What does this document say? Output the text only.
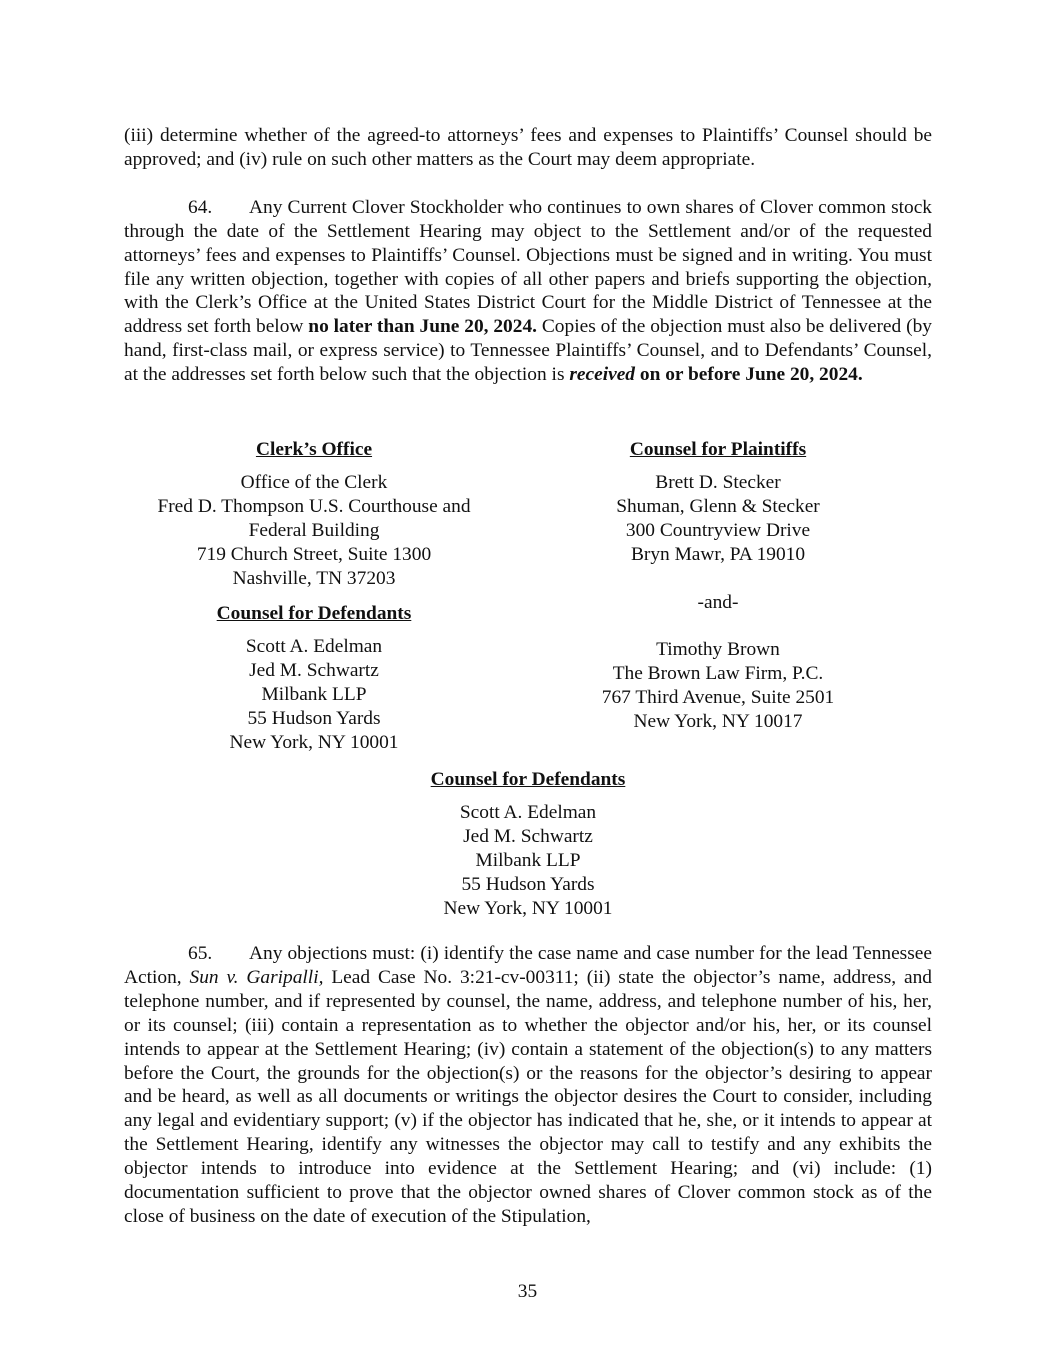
(iii) determine whether of the agreed-to attorneys’ fees and expenses to Plaintiffs’ Counsel should be approved; and (iv) rule on such other matters as the Court may deem appropriate.

64. Any Current Clover Stockholder who continues to own shares of Clover common stock through the date of the Settlement Hearing may object to the Settlement and/or of the requested attorneys’ fees and expenses to Plaintiffs’ Counsel. Objections must be signed and in writing. You must file any written objection, together with copies of all other papers and briefs supporting the objection, with the Clerk’s Office at the United States District Court for the Middle District of Tennessee at the address set forth below no later than June 20, 2024. Copies of the objection must also be delivered (by hand, first-class mail, or express service) to Tennessee Plaintiffs’ Counsel, and to Defendants’ Counsel, at the addresses set forth below such that the objection is received on or before June 20, 2024.

Clerk’s Office

Office of the Clerk

Fred D. Thompson U.S. Courthouse and

Federal Building

719 Church Street, Suite 1300

Nashville, TN 37203

Counsel for Defendants

Scott A. Edelman

Jed M. Schwartz

Milbank LLP

55 Hudson Yards

New York, NY 10001

Counsel for Plaintiffs

Brett D. Stecker

Shuman, Glenn & Stecker

300 Countryview Drive

Bryn Mawr, PA 19010

-and-

Timothy Brown

The Brown Law Firm, P.C.

767 Third Avenue, Suite 2501

New York, NY 10017

Counsel for Defendants

Scott A. Edelman

Jed M. Schwartz

Milbank LLP

55 Hudson Yards

New York, NY 10001

65. Any objections must: (i) identify the case name and case number for the lead Tennessee Action, Sun v. Garipalli, Lead Case No. 3:21-cv-00311; (ii) state the objector’s name, address, and telephone number, and if represented by counsel, the name, address, and telephone number of his, her, or its counsel; (iii) contain a representation as to whether the objector and/or his, her, or its counsel intends to appear at the Settlement Hearing; (iv) contain a statement of the objection(s) to any matters before the Court, the grounds for the objection(s) or the reasons for the objector’s desiring to appear and be heard, as well as all documents or writings the objector desires the Court to consider, including any legal and evidentiary support; (v) if the objector has indicated that he, she, or it intends to appear at the Settlement Hearing, identify any witnesses the objector may call to testify and any exhibits the objector intends to introduce into evidence at the Settlement Hearing; and (vi) include: (1) documentation sufficient to prove that the objector owned shares of Clover common stock as of the close of business on the date of execution of the Stipulation,

35
